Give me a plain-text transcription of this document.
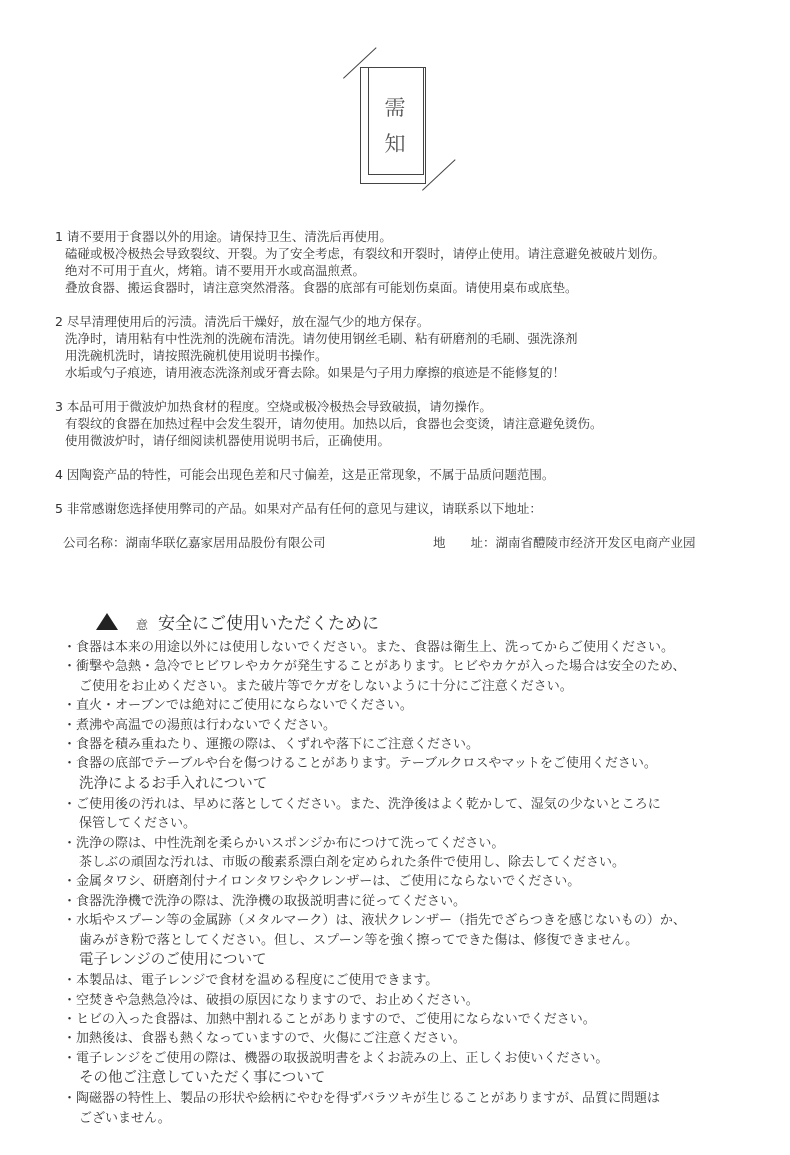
需
知
1 请不要用于食器以外的用途。请保持卫生、清洗后再使用。
磕碰或极冷极热会导致裂纹、开裂。为了安全考虑，有裂纹和开裂时，请停止使用。请注意避免被破片划伤。
绝对不可用于直火，烤箱。请不要用开水或高温煎煮。
叠放食器、搬运食器时，请注意突然滑落。食器的底部有可能划伤桌面。请使用桌布或底垫。
2 尽早清理使用后的污渍。清洗后干燥好，放在湿气少的地方保存。
洗净时，请用粘有中性洗剂的洗碗布清洗。请勿使用钢丝毛刷、粘有研磨剂的毛刷、强洗涤剂
用洗碗机洗时，请按照洗碗机使用说明书操作。
水垢或勺子痕迹，请用液态洗涤剂或牙膏去除。如果是勺子用力摩擦的痕迹是不能修复的！
3 本品可用于微波炉加热食材的程度。空烧或极冷极热会导致破损，请勿操作。
有裂纹的食器在加热过程中会发生裂开，请勿使用。加热以后，食器也会变烫，请注意避免烫伤。
使用微波炉时，请仔细阅读机器使用说明书后，正确使用。
4 因陶瓷产品的特性，可能会出现色差和尺寸偏差，这是正常现象，不属于品质问题范围。
5 非常感谢您选择使用弊司的产品。如果对产品有任何的意见与建议，请联系以下地址：
公司名称：湖南华联亿嘉家居用品股份有限公司	地　　址：湖南省醴陵市经济开发区电商产业园
意 安全にご使用いただくために
・食器は本来の用途以外には使用しないでください。また、食器は衛生上、洗ってからご使用ください。
・衝撃や急熱・急冷でヒビワレやカケが発生することがあります。ヒビやカケが入った場合は安全のため、
ご使用をお止めください。また破片等でケガをしないように十分にご注意ください。
・直火・オーブンでは絶対にご使用にならないでください。
・煮沸や高温での湯煎は行わないでください。
・食器を積み重ねたり、運搬の際は、くずれや落下にご注意ください。
・食器の底部でテーブルや台を傷つけることがあります。テーブルクロスやマットをご使用ください。
洗浄によるお手入れについて
・ご使用後の汚れは、早めに落としてください。また、洗浄後はよく乾かして、湿気の少ないところに
保管してください。
・洗浄の際は、中性洗剤を柔らかいスポンジか布につけて洗ってください。
茶しぶの頑固な汚れは、市販の酸素系漂白剤を定められた条件で使用し、除去してください。
・金属タワシ、研磨剤付ナイロンタワシやクレンザーは、ご使用にならないでください。
・食器洗浄機で洗浄の際は、洗浄機の取扱説明書に従ってください。
・水垢やスプーン等の金属跡（メタルマーク）は、液状クレンザー（指先でざらつきを感じないもの）か、
歯みがき粉で落としてください。但し、スプーン等を強く擦ってできた傷は、修復できません。
電子レンジのご使用について
・本製品は、電子レンジで食材を温める程度にご使用できます。
・空焚きや急熱急冷は、破損の原因になりますので、お止めください。
・ヒビの入った食器は、加熱中割れることがありますので、ご使用にならないでください。
・加熱後は、食器も熱くなっていますので、火傷にご注意ください。
・電子レンジをご使用の際は、機器の取扱説明書をよくお読みの上、正しくお使いください。
その他ご注意していただく事について
・陶磁器の特性上、製品の形状や絵柄にやむを得ずバラツキが生じることがありますが、品質に問題は
ございません。
